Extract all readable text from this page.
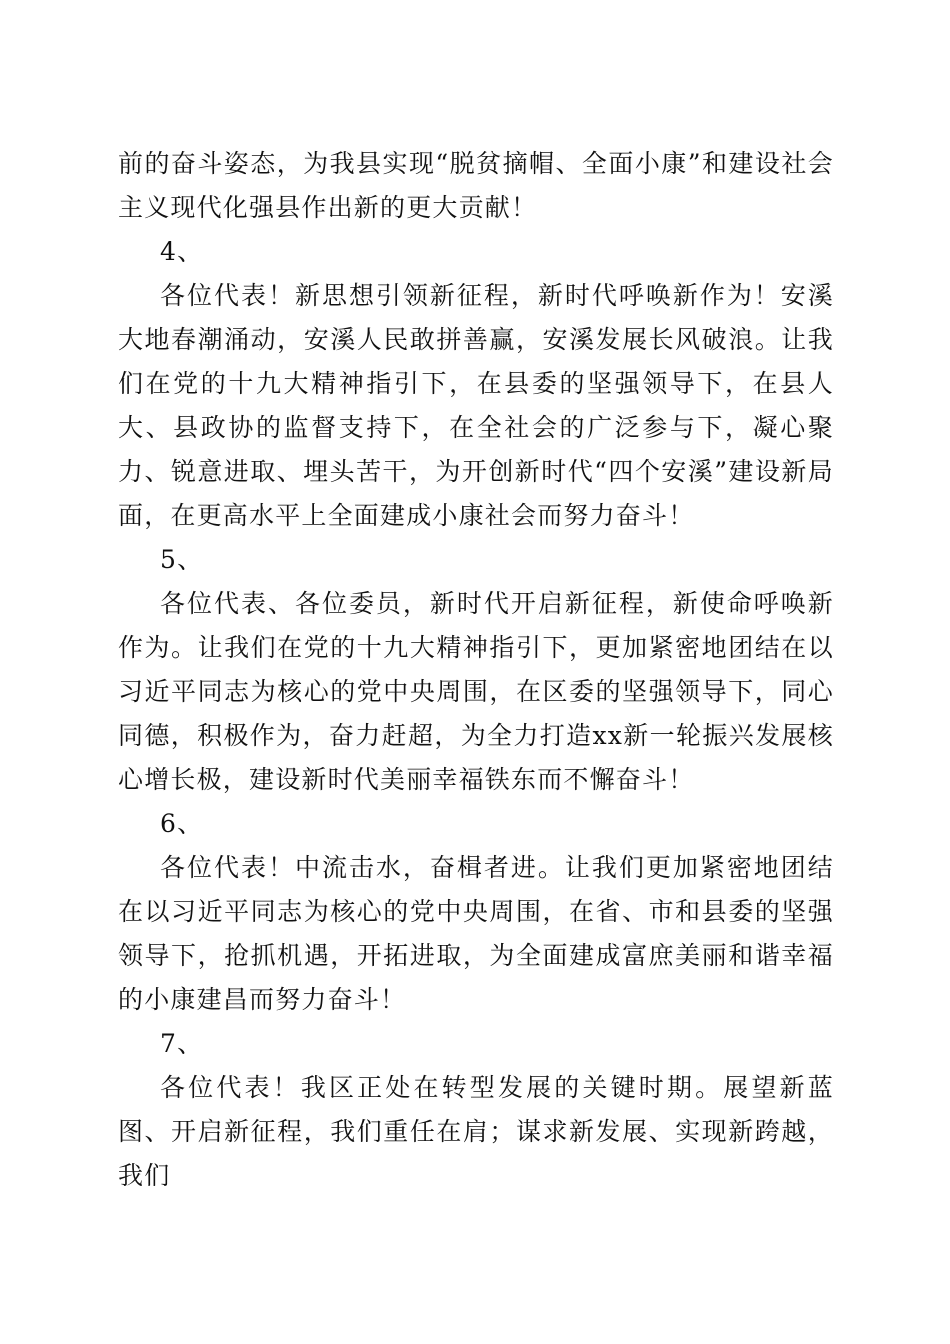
前的奋斗姿态，为我县实现“脱贫摘帽、全面小康”和建设社会主义现代化强县作出新的更大贡献！

4、

各位代表！新思想引领新征程，新时代呼唤新作为！安溪大地春潮涌动，安溪人民敢拼善赢，安溪发展长风破浪。让我们在党的十九大精神指引下，在县委的坚强领导下，在县人大、县政协的监督支持下，在全社会的广泛参与下，凝心聚力、锐意进取、埋头苦干，为开创新时代“四个安溪”建设新局面，在更高水平上全面建成小康社会而努力奋斗！

5、

各位代表、各位委员，新时代开启新征程，新使命呼唤新作为。让我们在党的十九大精神指引下，更加紧密地团结在以习近平同志为核心的党中央周围，在区委的坚强领导下，同心同德，积极作为，奋力赶超，为全力打造xx新一轮振兴发展核心增长极，建设新时代美丽幸福铁东而不懈奋斗！

6、

各位代表！中流击水，奋楫者进。让我们更加紧密地团结在以习近平同志为核心的党中央周围，在省、市和县委的坚强领导下，抢抓机遇，开拓进取，为全面建成富庶美丽和谐幸福的小康建昌而努力奋斗！

7、

各位代表！我区正处在转型发展的关键时期。展望新蓝图、开启新征程，我们重任在肩；谋求新发展、实现新跨越，我们
